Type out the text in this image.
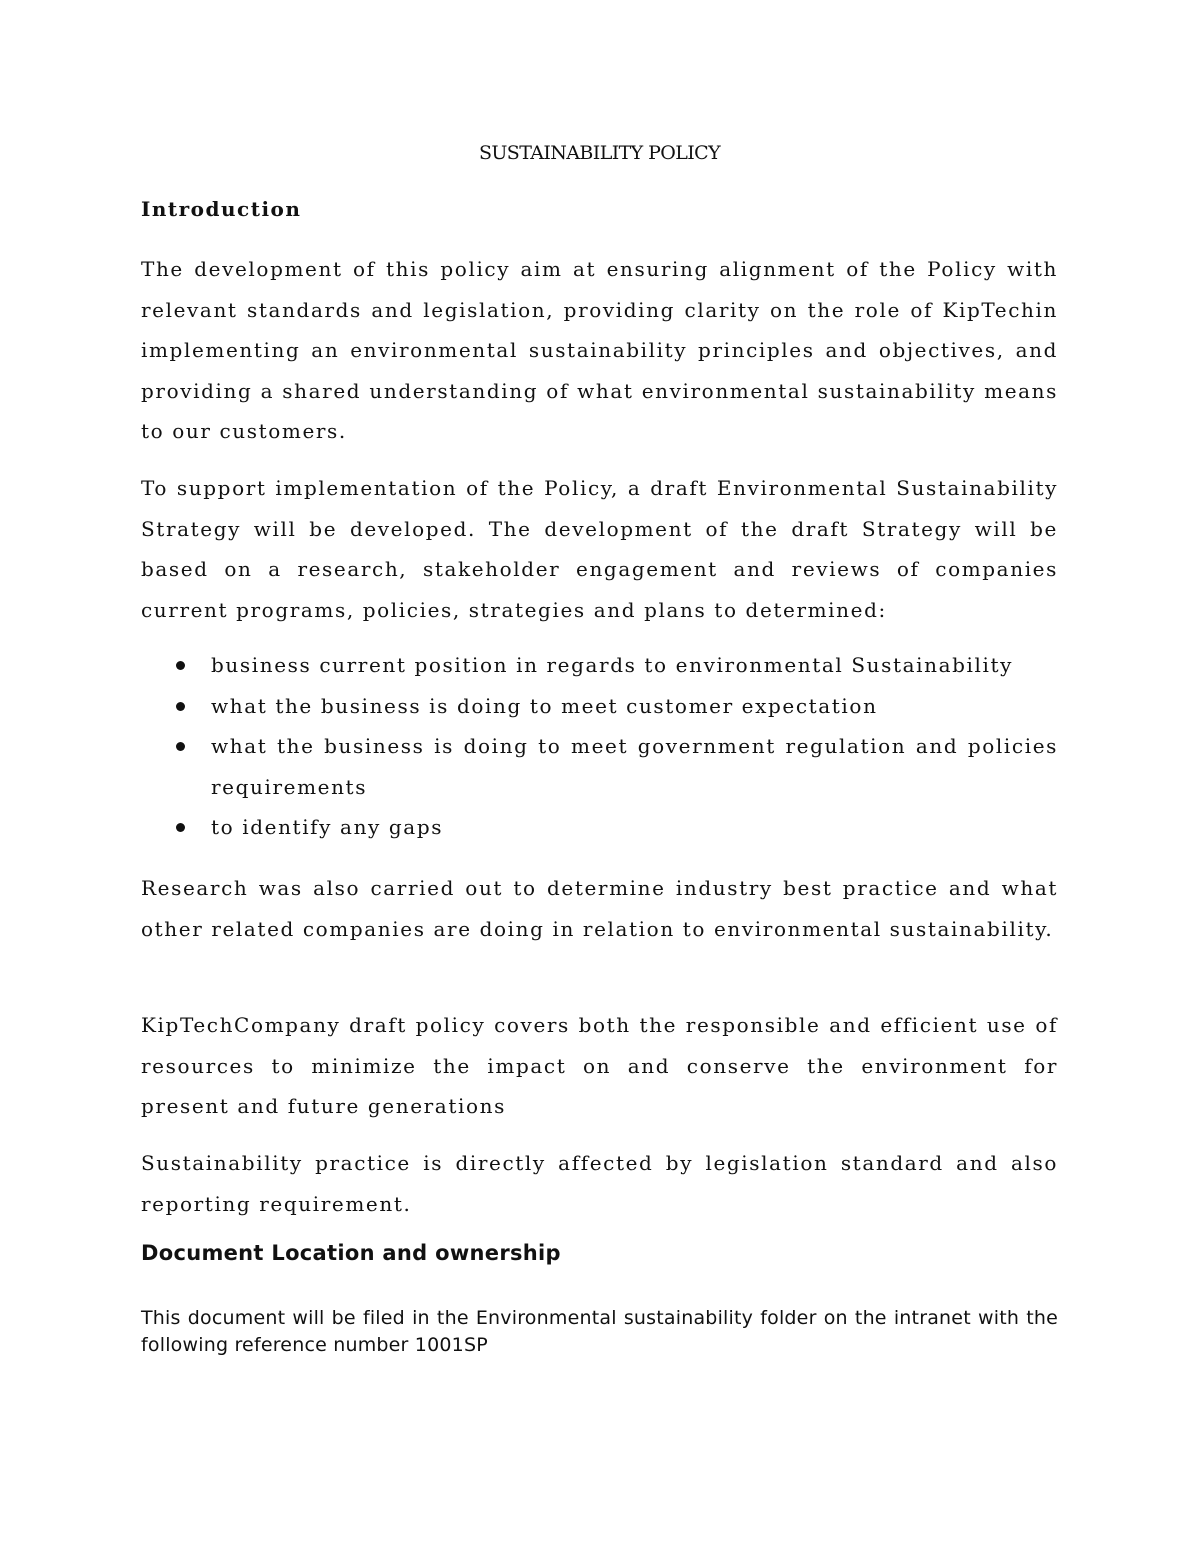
SUSTAINABILITY POLICY
Introduction

The development of this policy aim at ensuring alignment of the Policy with relevant standards and legislation, providing clarity on the role of KipTechin implementing an environmental sustainability principles and objectives, and providing a shared understanding of what environmental sustainability means to our customers.

To support implementation of the Policy, a draft Environmental Sustainability Strategy will be developed. The development of the draft Strategy will be based on a research, stakeholder engagement and reviews of companies current programs, policies, strategies and plans to determined:

business current position in regards to environmental Sustainability
what the business is doing to meet customer expectation
what the business is doing to meet government regulation and policies requirements
to identify any gaps

Research was also carried out to determine industry best practice and what other related companies are doing in relation to environmental sustainability.

KipTechCompany draft policy covers both the responsible and efficient use of resources to minimize the impact on and conserve the environment for present and future generations

Sustainability practice is directly affected by legislation standard and also reporting requirement.

Document Location and ownership

This document will be filed in the Environmental sustainability folder on the intranet with the following reference number 1001SP
